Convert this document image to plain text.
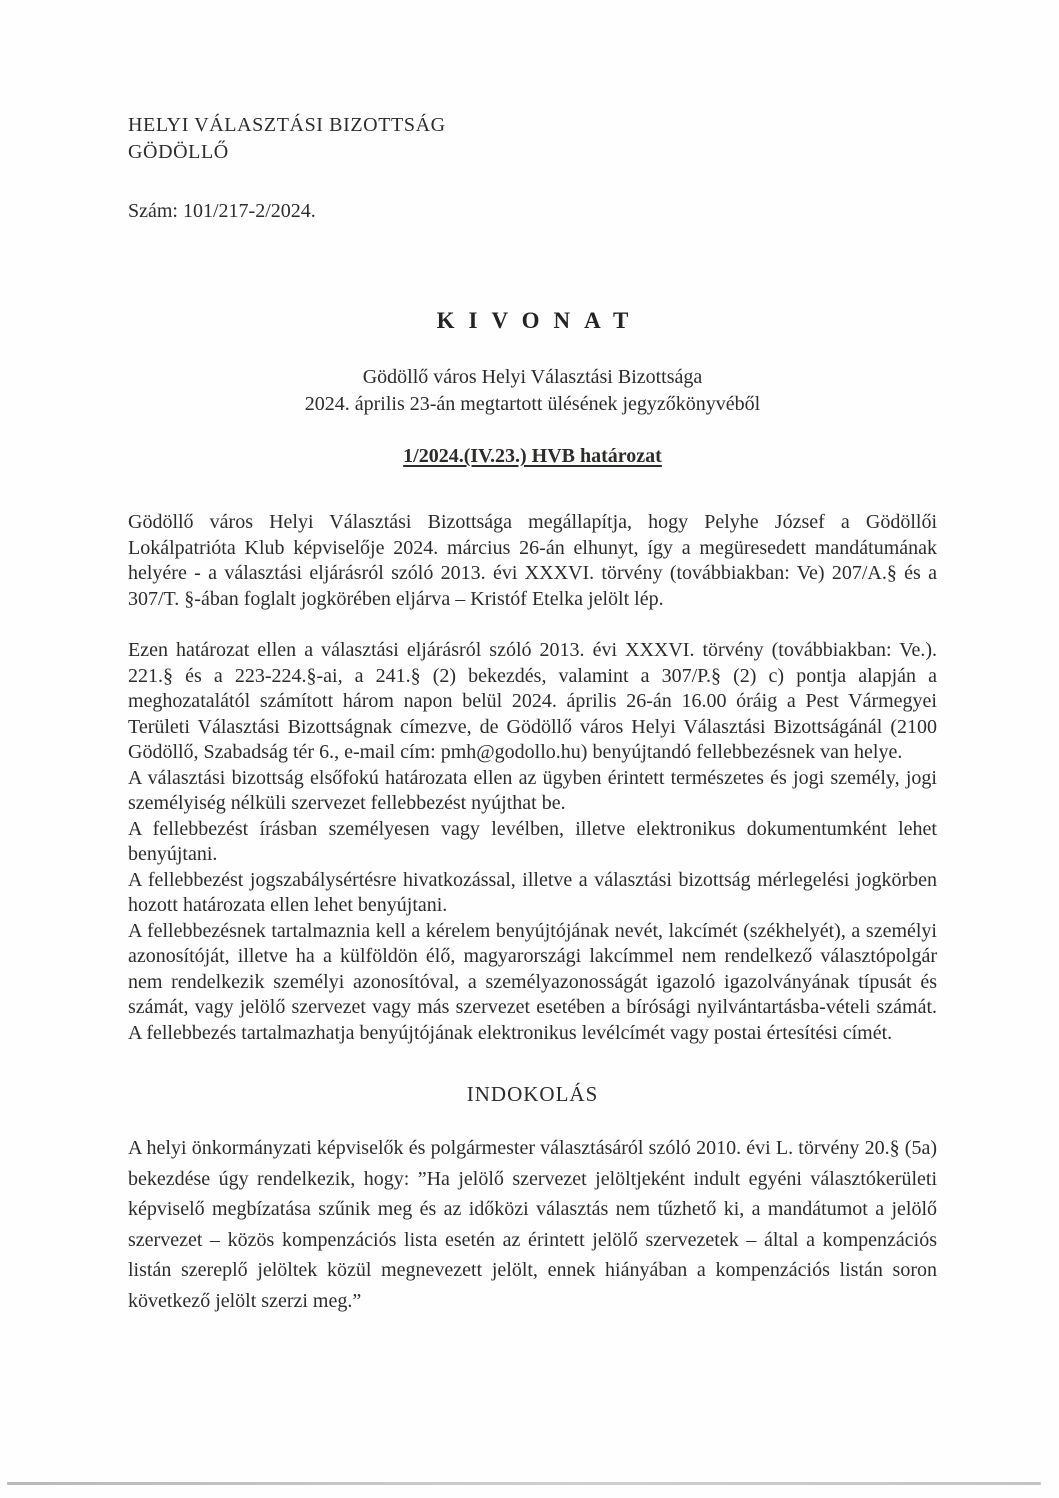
HELYI VÁLASZTÁSI BIZOTTSÁG
GÖDÖLLŐ
Szám: 101/217-2/2024.
KIVONAT
Gödöllő város Helyi Választási Bizottsága
2024. április 23-án megtartott ülésének jegyzőkönyvéből
1/2024.(IV.23.) HVB határozat

Gödöllő város Helyi Választási Bizottsága megállapítja, hogy Pelyhe József a Gödöllői Lokálpatrióta Klub képviselője 2024. március 26-án elhunyt, így a megüresedett mandátumának helyére - a választási eljárásról szóló 2013. évi XXXVI. törvény (továbbiakban: Ve) 207/A.§ és a 307/T. §-ában foglalt jogkörében eljárva – Kristóf Etelka jelölt lép.

Ezen határozat ellen a választási eljárásról szóló 2013. évi XXXVI. törvény (továbbiakban: Ve.). 221.§ és a 223-224.§-ai, a 241.§ (2) bekezdés, valamint a 307/P.§ (2) c) pontja alapján a meghozatalától számított három napon belül 2024. április 26-án 16.00 óráig a Pest Vármegyei Területi Választási Bizottságnak címezve, de Gödöllő város Helyi Választási Bizottságánál (2100 Gödöllő, Szabadság tér 6., e-mail cím: pmh@godollo.hu) benyújtandó fellebbezésnek van helye.

A választási bizottság elsőfokú határozata ellen az ügyben érintett természetes és jogi személy, jogi személyiség nélküli szervezet fellebbezést nyújthat be.

A fellebbezést írásban személyesen vagy levélben, illetve elektronikus dokumentumként lehet benyújtani.

A fellebbezést jogszabálysértésre hivatkozással, illetve a választási bizottság mérlegelési jogkörben hozott határozata ellen lehet benyújtani.

A fellebbezésnek tartalmaznia kell a kérelem benyújtójának nevét, lakcímét (székhelyét), a személyi azonosítóját, illetve ha a külföldön élő, magyarországi lakcímmel nem rendelkező választópolgár nem rendelkezik személyi azonosítóval, a személyazonosságát igazoló igazolványának típusát és számát, vagy jelölő szervezet vagy más szervezet esetében a bírósági nyilvántartásba-vételi számát. A fellebbezés tartalmazhatja benyújtójának elektronikus levélcímét vagy postai értesítési címét.

INDOKOLÁS

A helyi önkormányzati képviselők és polgármester választásáról szóló 2010. évi L. törvény 20.§ (5a) bekezdése úgy rendelkezik, hogy: ”Ha jelölő szervezet jelöltjeként indult egyéni választókerületi képviselő megbízatása szűnik meg és az időközi választás nem tűzhető ki, a mandátumot a jelölő szervezet – közös kompenzációs lista esetén az érintett jelölő szervezetek – által a kompenzációs listán szereplő jelöltek közül megnevezett jelölt, ennek hiányában a kompenzációs listán soron következő jelölt szerzi meg.”
